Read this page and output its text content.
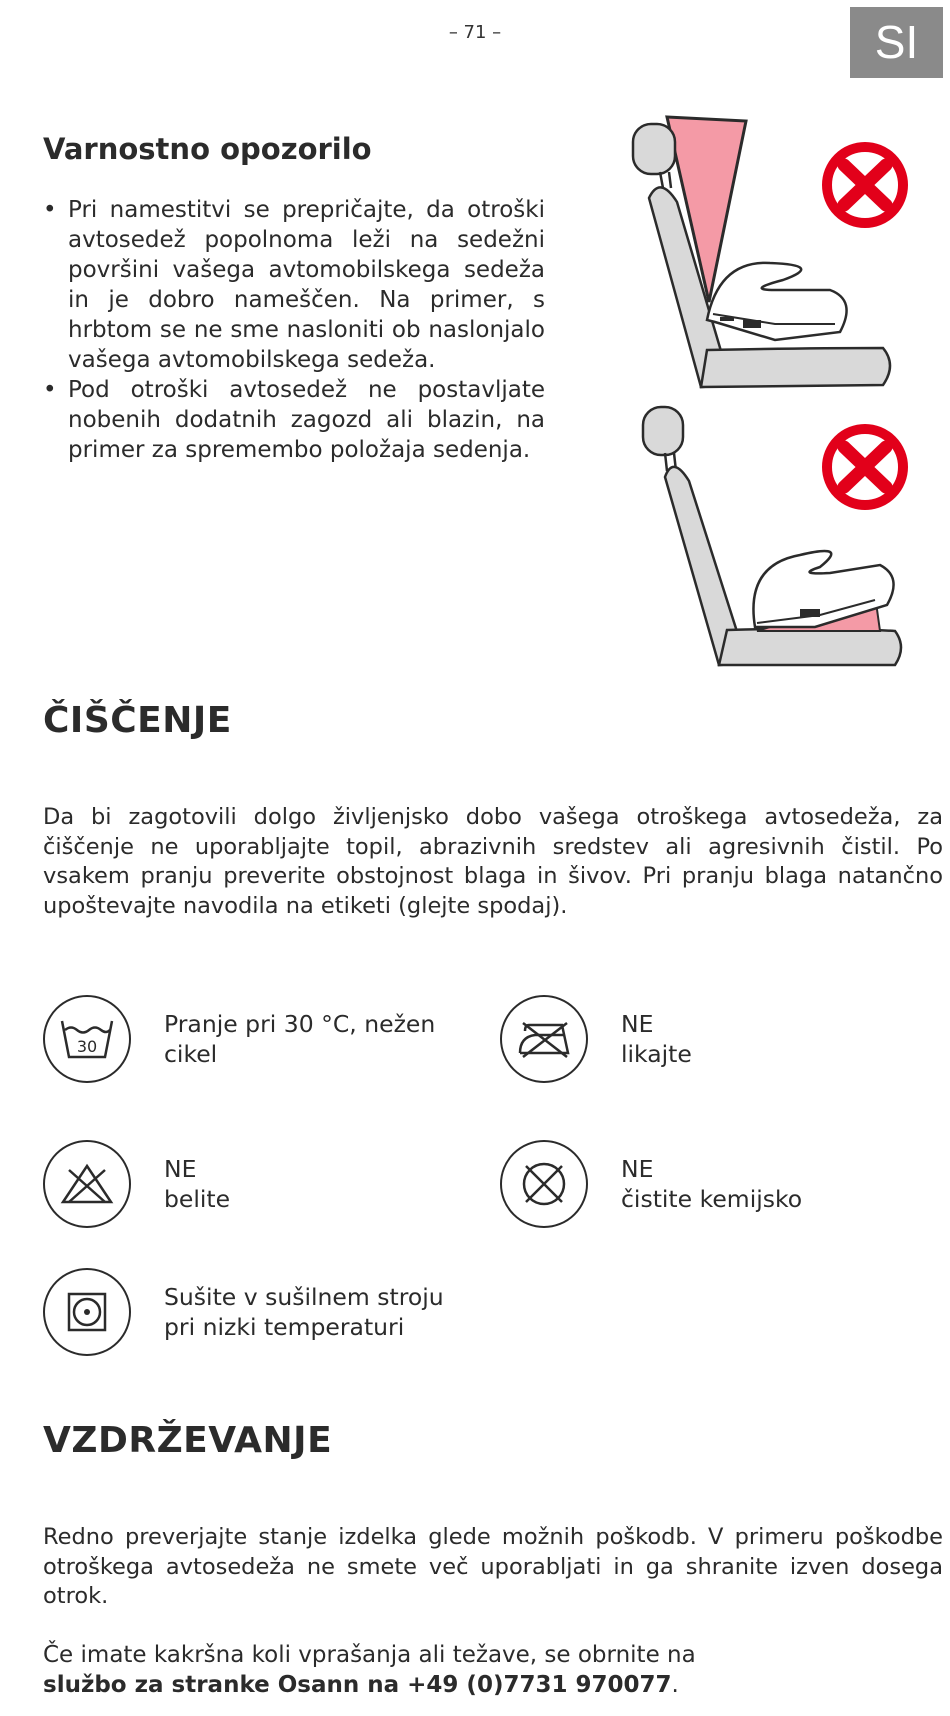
– 71 –	SI
Varnostno opozorilo
• Pri namestitvi se prepričajte, da otroški avtosedež popolnoma leži na sedežni površini vašega avtomobilskega sedeža in je dobro nameščen. Na primer, s hrbtom se ne sme nasloniti ob naslonjalo vašega avtomobilskega sedeža.
• Pod otroški avtosedež ne postavljate nobenih dodatnih zagozd ali blazin, na primer za spremembo položaja sedenja.
ČIŠČENJE

Da bi zagotovili dolgo življenjsko dobo vašega otroškega avtosedeža, za čiščenje ne uporabljajte topil, abrazivnih sredstev ali agresivnih čistil. Po vsakem pranju preverite obstojnost blaga in šivov. Pri pranju blaga natančno upoštevajte navodila na etiketi (glejte spodaj).

30
Pranje pri 30 °C, nežen
cikel
NE
likajte
NE
belite
NE
čistite kemijsko
Sušite v sušilnem stroju
pri nizki temperaturi
VZDRŽEVANJE

Redno preverjajte stanje izdelka glede možnih poškodb. V primeru poškodbe otroškega avtosedeža ne smete več uporabljati in ga shranite izven dosega otrok.

Če imate kakršna koli vprašanja ali težave, se obrnite na
službo za stranke Osann na +49 (0)7731 970077.
